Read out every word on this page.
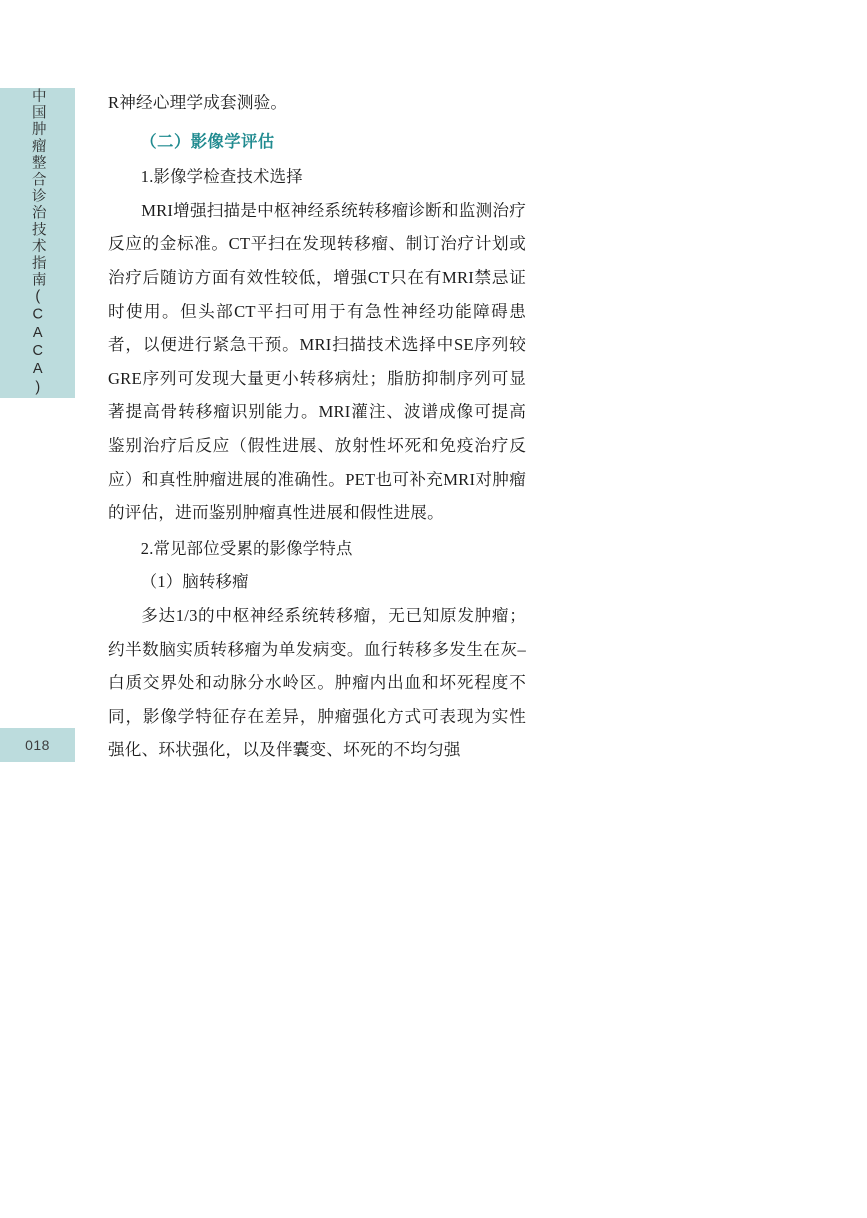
中国肿瘤整合诊治技术指南(CACA)
018

R神经心理学成套测验。

（二）影像学评估

1.影像学检查技术选择

MRI增强扫描是中枢神经系统转移瘤诊断和监测治疗反应的金标准。CT平扫在发现转移瘤、制订治疗计划或治疗后随访方面有效性较低，增强CT只在有MRI禁忌证时使用。但头部CT平扫可用于有急性神经功能障碍患者，以便进行紧急干预。MRI扫描技术选择中SE序列较GRE序列可发现大量更小转移病灶；脂肪抑制序列可显著提高骨转移瘤识别能力。MRI灌注、波谱成像可提高鉴别治疗后反应（假性进展、放射性坏死和免疫治疗反应）和真性肿瘤进展的准确性。PET也可补充MRI对肿瘤的评估，进而鉴别肿瘤真性进展和假性进展。

2.常见部位受累的影像学特点

（1）脑转移瘤

多达1/3的中枢神经系统转移瘤，无已知原发肿瘤；约半数脑实质转移瘤为单发病变。血行转移多发生在灰–白质交界处和动脉分水岭区。肿瘤内出血和坏死程度不同，影像学特征存在差异，肿瘤强化方式可表现为实性强化、环状强化，以及伴囊变、坏死的不均匀强
